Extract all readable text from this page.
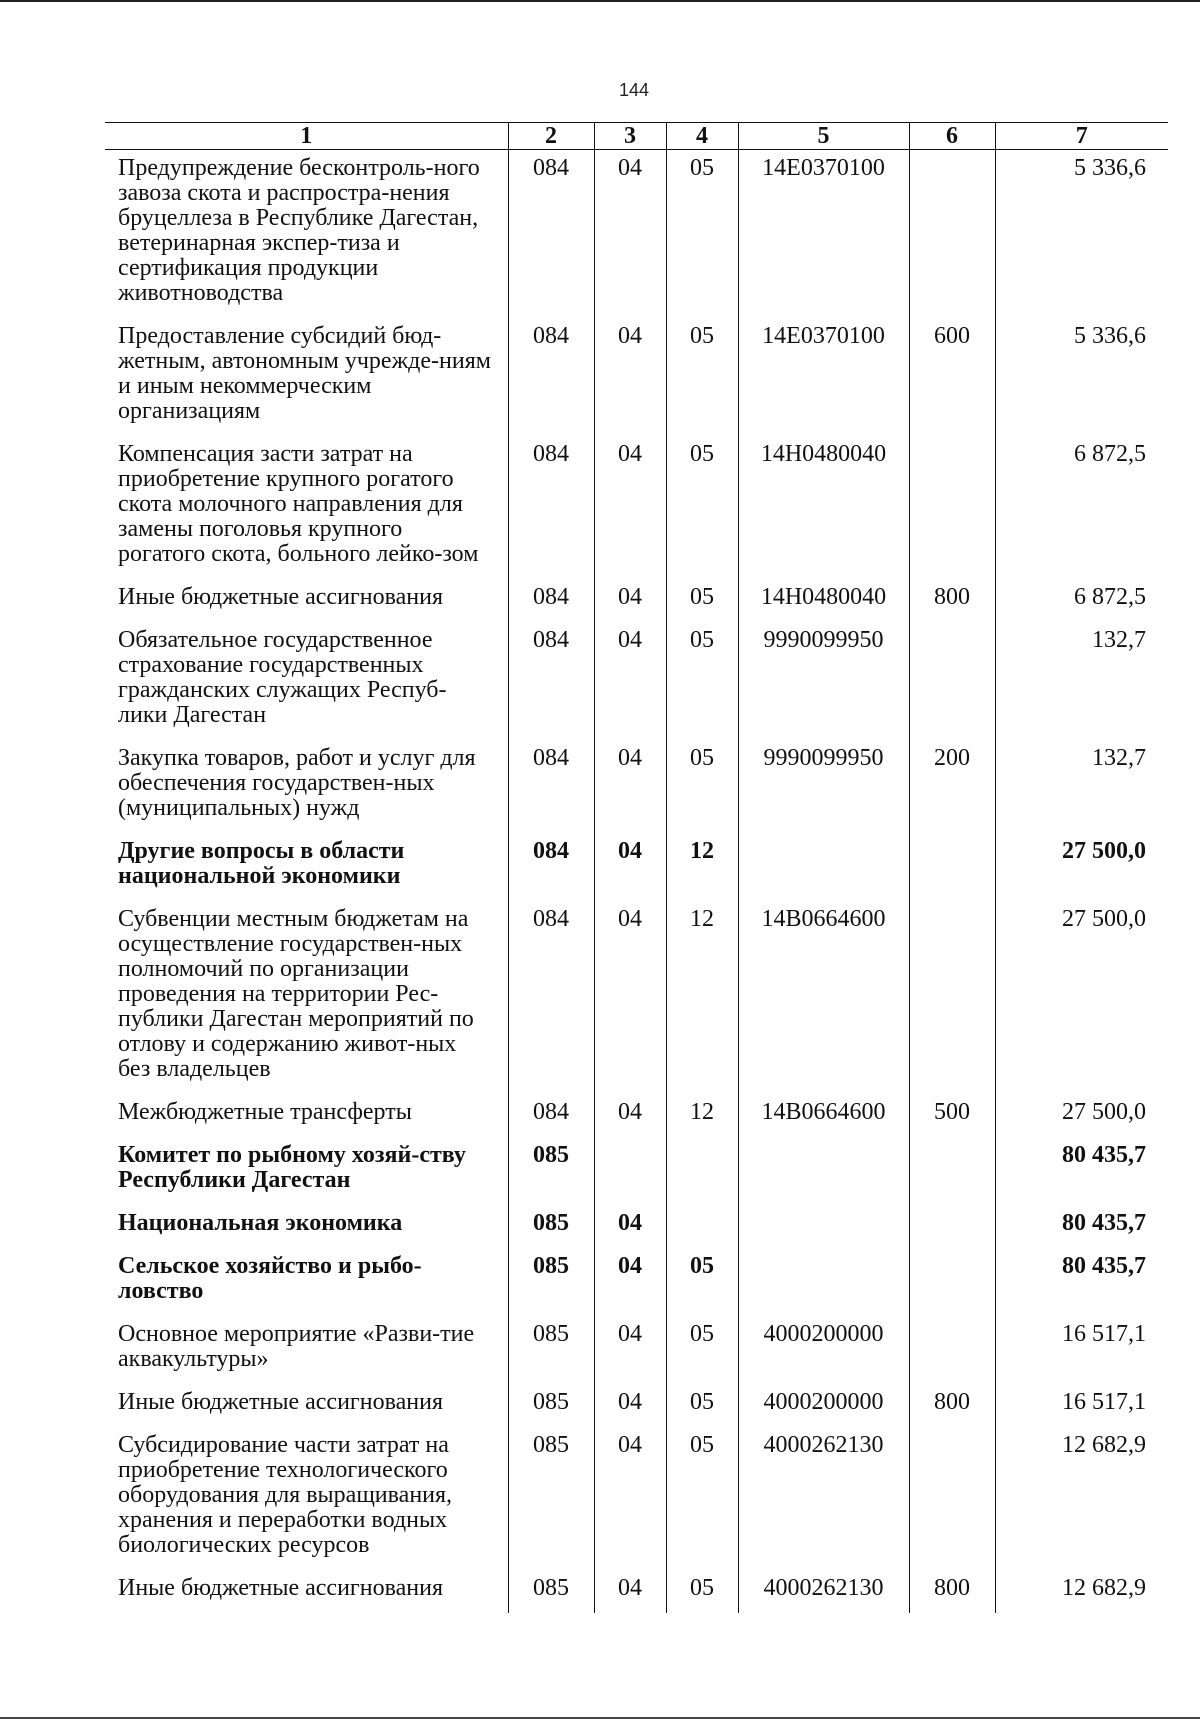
144
1	2	3	4	5	6	7
Предупреждение бесконтроль-ного завоза скота и распростра-нения бруцеллеза в Республике Дагестан, ветеринарная экспер-тиза и сертификация продукции животноводства	084	04	05	14Е0370100		5 336,6
Предоставление субсидий бюд-жетным, автономным учрежде-ниям и иным некоммерческим организациям	084	04	05	14Е0370100	600	5 336,6
Компенсация засти затрат на приобретение крупного рогатого скота молочного направления для замены поголовья крупного рогатого скота, больного лейко-зом	084	04	05	14Н0480040		6 872,5
Иные бюджетные ассигнования	084	04	05	14Н0480040	800	6 872,5
Обязательное государственное страхование государственных гражданских служащих Респуб-лики Дагестан	084	04	05	9990099950		132,7
Закупка товаров, работ и услуг для обеспечения государствен-ных (муниципальных) нужд	084	04	05	9990099950	200	132,7
Другие вопросы в области национальной экономики	084	04	12			27 500,0
Субвенции местным бюджетам на осуществление государствен-ных полномочий по организации проведения на территории Рес-публики Дагестан мероприятий по отлову и содержанию живот-ных без владельцев	084	04	12	14В0664600		27 500,0
Межбюджетные трансферты	084	04	12	14В0664600	500	27 500,0
Комитет по рыбному хозяй-ству Республики Дагестан	085					80 435,7
Национальная экономика	085	04				80 435,7
Сельское хозяйство и рыбо-ловство	085	04	05			80 435,7
Основное мероприятие «Разви-тие аквакультуры»	085	04	05	4000200000		16 517,1
Иные бюджетные ассигнования	085	04	05	4000200000	800	16 517,1
Субсидирование части затрат на приобретение технологического оборудования для выращивания, хранения и переработки водных биологических ресурсов	085	04	05	4000262130		12 682,9
Иные бюджетные ассигнования	085	04	05	4000262130	800	12 682,9
